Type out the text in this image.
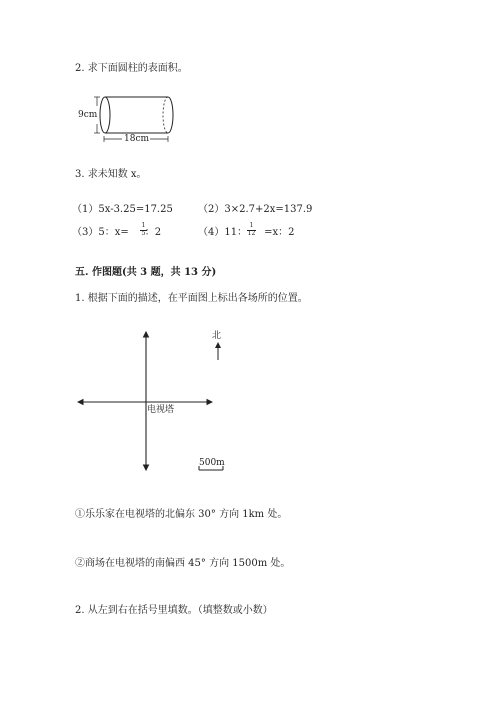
2. 求下面圆柱的表面积。
9cm
18cm
3. 求未知数 x。
（1）5x-3.25=17.25	（2）3×2.7+2x=137.9
（3）5：x= ：2
1
5	（4）11： =x：2
1
12
五. 作图题(共 3 题，共 13 分)
1. 根据下面的描述，在平面图上标出各场所的位置。
北
电视塔
500m
①乐乐家在电视塔的北偏东 30° 方向 1km 处。
②商场在电视塔的南偏西 45° 方向 1500m 处。
2. 从左到右在括号里填数。（填整数或小数）
